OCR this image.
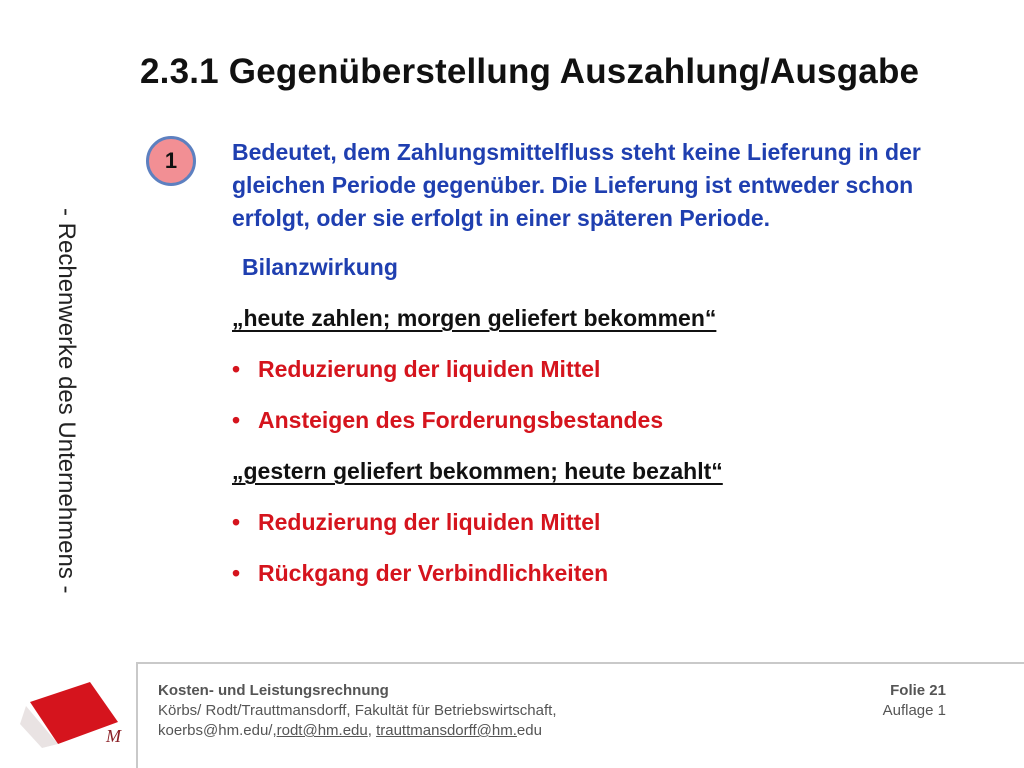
2.3.1 Gegenüberstellung Auszahlung/Ausgabe
- Rechenwerke des Unternehmens -
1	Bedeutet, dem Zahlungsmittelfluss steht keine Lieferung in der gleichen Periode gegenüber. Die Lieferung ist entweder schon erfolgt, oder sie erfolgt in einer späteren Periode.
Bilanzwirkung
„heute zahlen; morgen geliefert bekommen“
• Reduzierung der liquiden Mittel
• Ansteigen des Forderungsbestandes
„gestern geliefert bekommen; heute bezahlt“
• Reduzierung der liquiden Mittel
• Rückgang der Verbindlichkeiten
M
Kosten- und Leistungsrechnung
Körbs/ Rodt/Trauttmansdorff, Fakultät für Betriebswirtschaft,
koerbs@hm.edu/,rodt@hm.edu, trauttmansdorff@hm.edu
Folie 21
Auflage 1
